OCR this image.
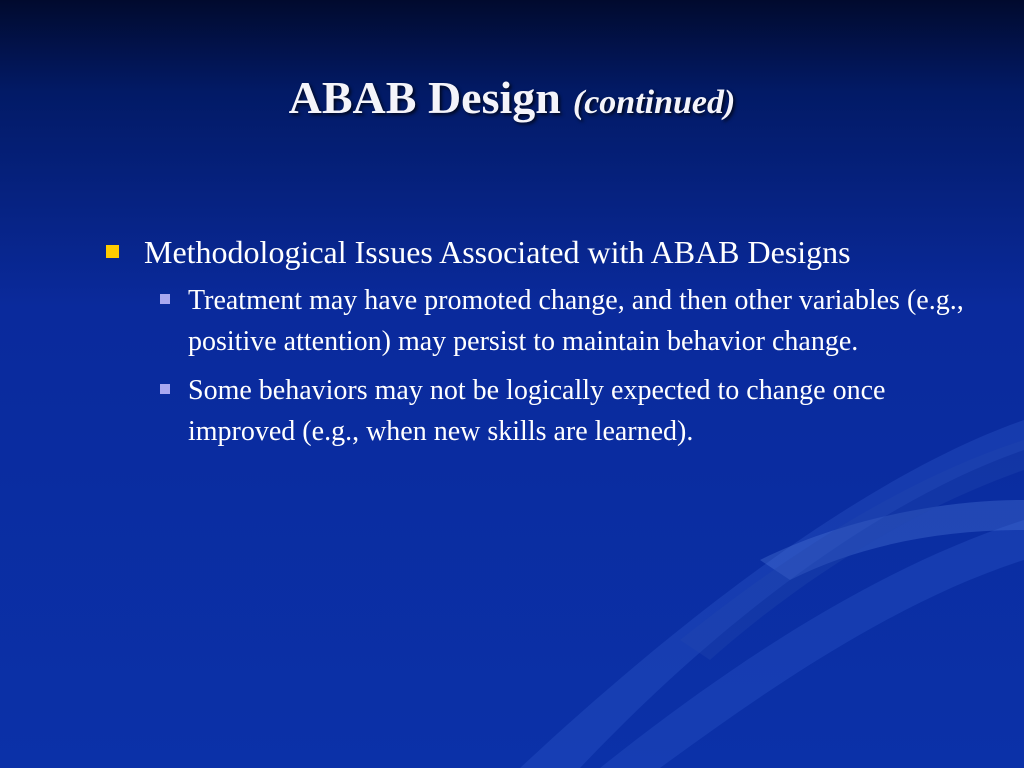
ABAB Design (continued)
Methodological Issues Associated with ABAB Designs
Treatment may have promoted change, and then other variables (e.g., positive attention) may persist to maintain behavior change.
Some behaviors may not be logically expected to change once improved (e.g., when new skills are learned).
